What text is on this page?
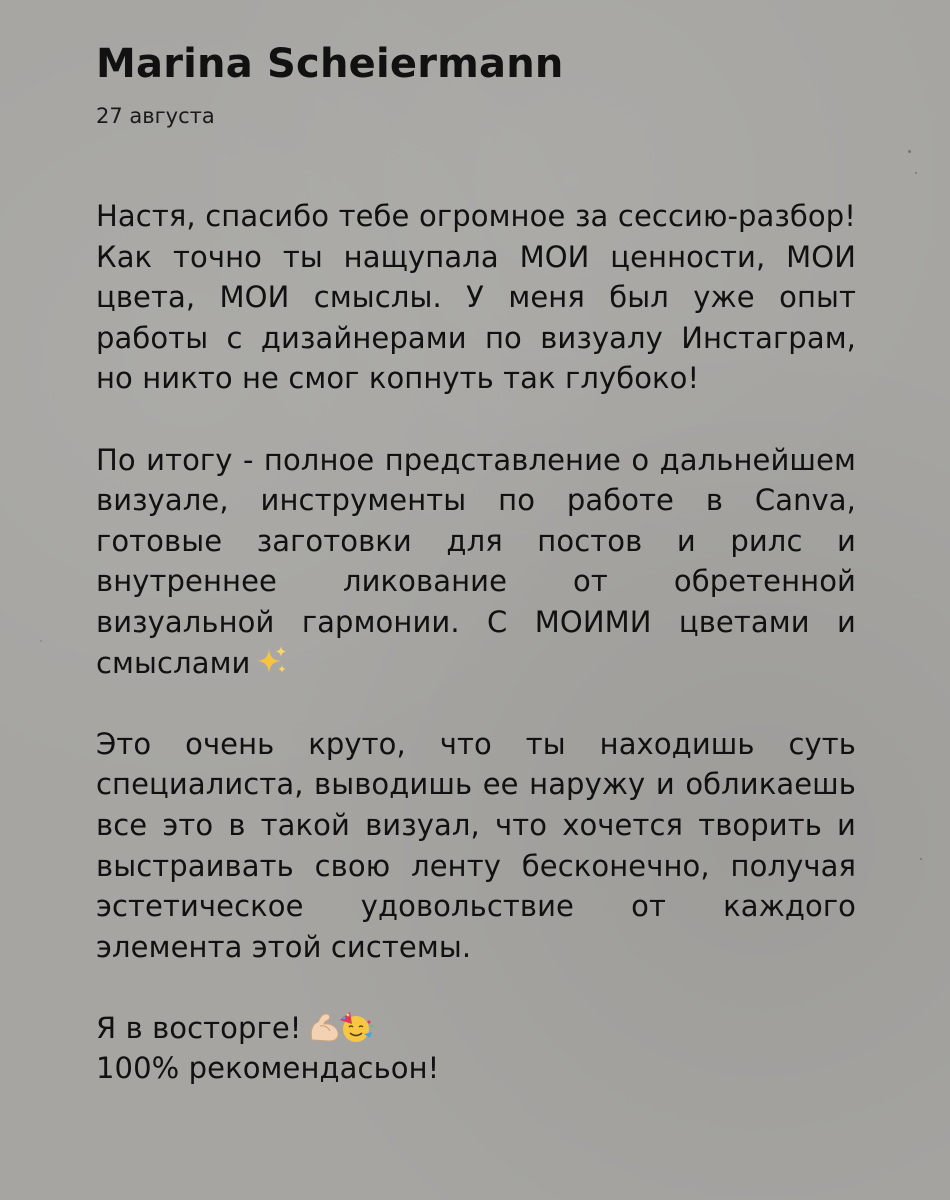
Marina Scheiermann
27 августа

Настя, спасибо тебе огромное за сессию-разбор! Как точно ты нащупала МОИ ценности, МОИ цвета, МОИ смыслы. У меня был уже опыт работы с дизайнерами по визуалу Инстаграм, но никто не смог копнуть так глубоко!

По итогу - полное представление о дальнейшем визуале, инструменты по работе в Canva, готовые заготовки для постов и рилс и внутреннее ликование от обретенной визуальной гармонии. С МОИМИ цветами и смыслами

Это очень круто, что ты находишь суть специалиста, выводишь ее наружу и обликаешь все это в такой визуал, что хочется творить и выстраивать свою ленту бесконечно, получая эстетическое удовольствие от каждого элемента этой системы.

Я в восторге!
100% рекомендасьон!
